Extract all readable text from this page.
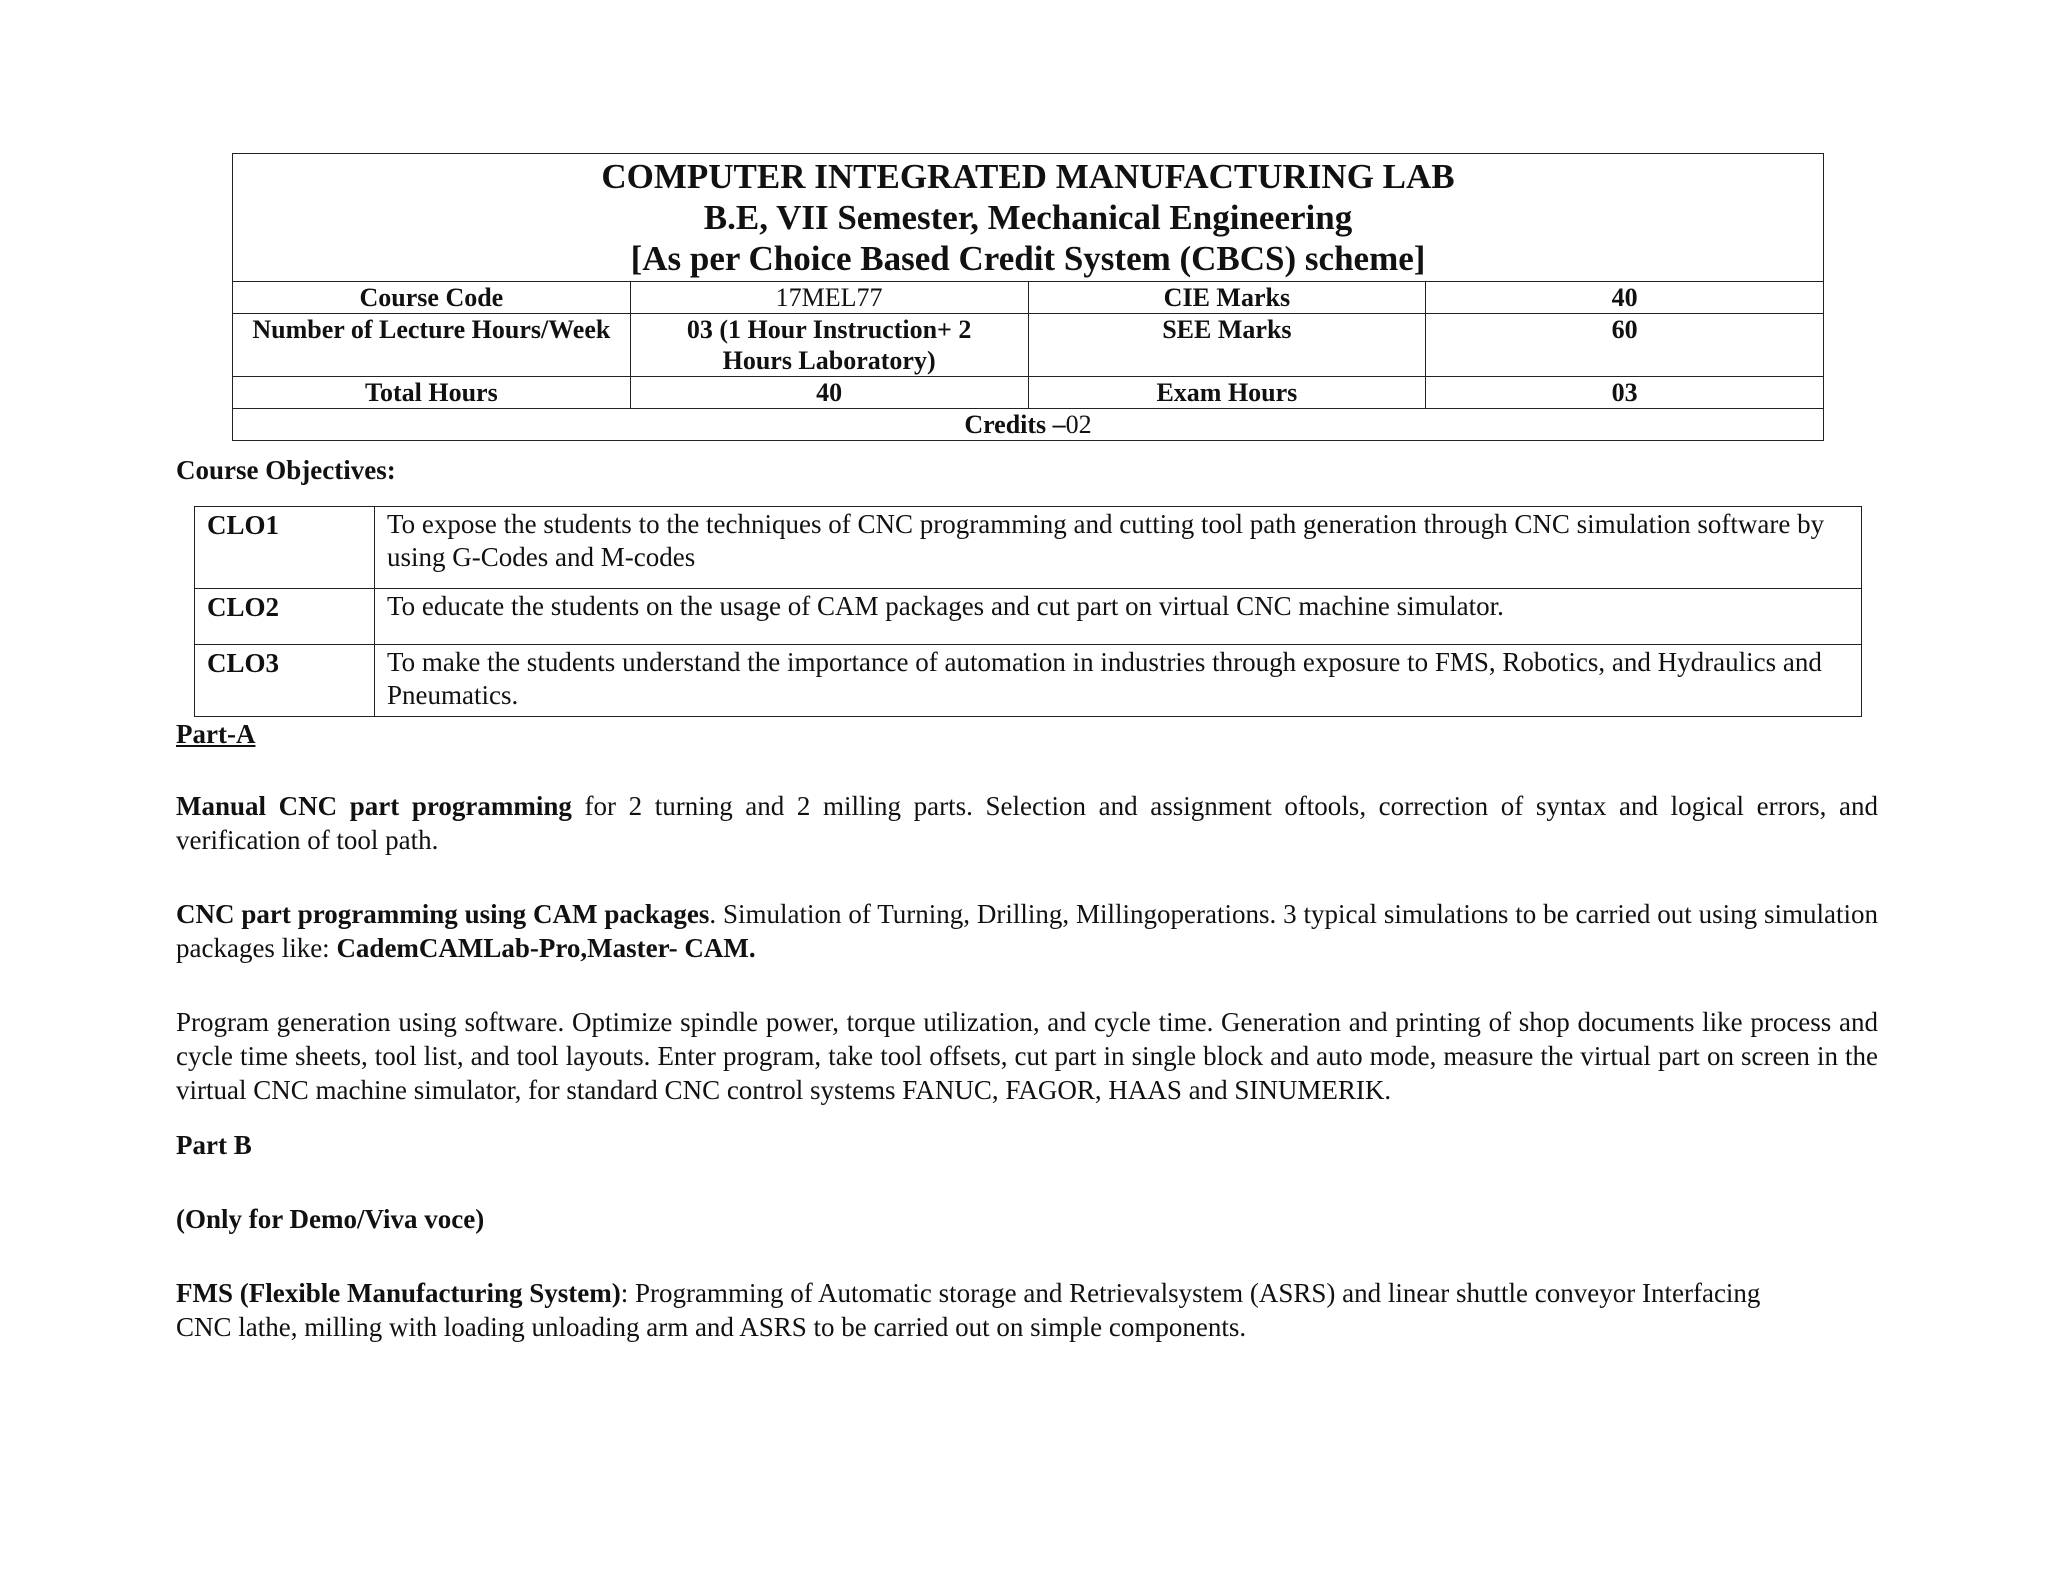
COMPUTER INTEGRATED MANUFACTURING LAB
B.E, VII Semester, Mechanical Engineering
[As per Choice Based Credit System (CBCS) scheme]			

Course Code	17MEL77	CIE Marks	40
Number of Lecture Hours/Week	03 (1 Hour Instruction+ 2 Hours Laboratory)	SEE Marks	60
Total Hours	40	Exam Hours	03
Credits –02			
Course Objectives:
CLO1	To expose the students to the techniques of CNC programming and cutting tool path generation through CNC simulation software by using G-Codes and M-codes
CLO2	To educate the students on the usage of CAM packages and cut part on virtual CNC machine simulator.
CLO3	To make the students understand the importance of automation in industries through exposure to FMS, Robotics, and Hydraulics and Pneumatics.
Part-A

Manual CNC part programming for 2 turning and 2 milling parts. Selection and assignment oftools, correction of syntax and logical errors, and verification of tool path.

CNC part programming using CAM packages. Simulation of Turning, Drilling, Millingoperations. 3 typical simulations to be carried out using simulation packages like: CademCAMLab-Pro,Master- CAM.

Program generation using software. Optimize spindle power, torque utilization, and cycle time. Generation and printing of shop documents like process and cycle time sheets, tool list, and tool layouts. Enter program, take tool offsets, cut part in single block and auto mode, measure the virtual part on screen in the virtual CNC machine simulator, for standard CNC control systems FANUC, FAGOR, HAAS and SINUMERIK.

Part B
(Only for Demo/Viva voce)

FMS (Flexible Manufacturing System): Programming of Automatic storage and Retrievalsystem (ASRS) and linear shuttle conveyor Interfacing CNC lathe, milling with loading unloading arm and ASRS to be carried out on simple components.
